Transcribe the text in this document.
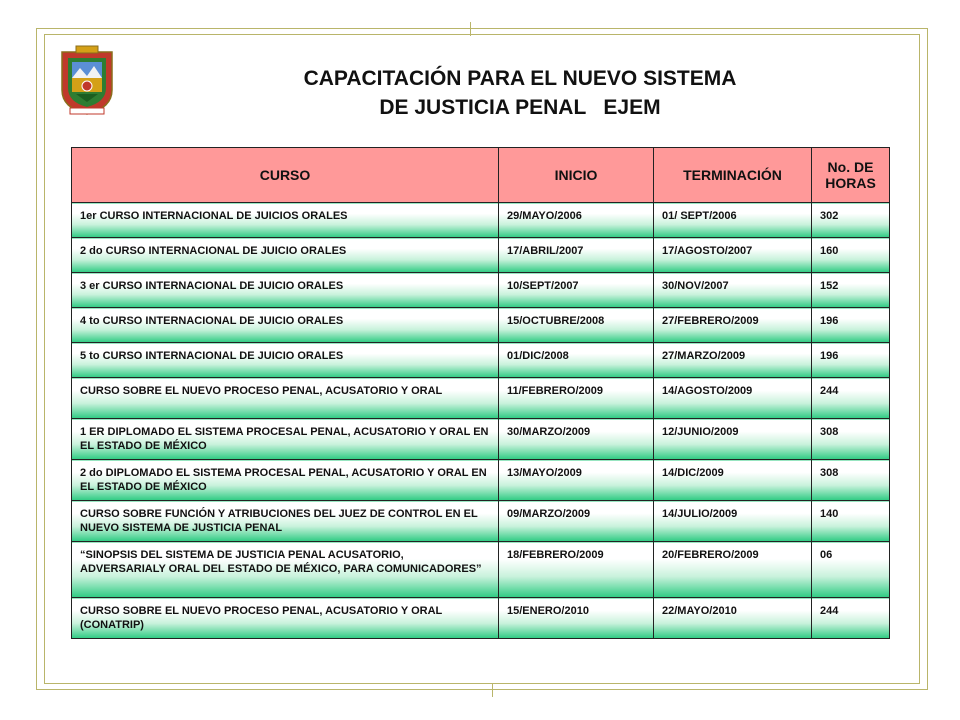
CAPACITACIÓN PARA EL NUEVO SISTEMA
DE JUSTICIA PENAL   EJEM
CURSO	INICIO	TERMINACIÓN	No. DE HORAS
1er CURSO INTERNACIONAL DE JUICIOS ORALES	29/MAYO/2006	01/ SEPT/2006	302
2 do CURSO INTERNACIONAL DE JUICIO ORALES	17/ABRIL/2007	17/AGOSTO/2007	160
3 er CURSO INTERNACIONAL DE JUICIO ORALES	10/SEPT/2007	30/NOV/2007	152
4 to CURSO INTERNACIONAL DE JUICIO ORALES	15/OCTUBRE/2008	27/FEBRERO/2009	196
5 to CURSO INTERNACIONAL DE JUICIO ORALES	01/DIC/2008	27/MARZO/2009	196
CURSO SOBRE EL NUEVO PROCESO PENAL, ACUSATORIO Y ORAL	11/FEBRERO/2009	14/AGOSTO/2009	244
1 ER DIPLOMADO EL SISTEMA PROCESAL PENAL, ACUSATORIO Y ORAL EN EL ESTADO DE MÉXICO	30/MARZO/2009	12/JUNIO/2009	308
2 do DIPLOMADO EL SISTEMA PROCESAL PENAL, ACUSATORIO Y ORAL EN EL ESTADO DE MÉXICO	13/MAYO/2009	14/DIC/2009	308
CURSO SOBRE FUNCIÓN Y ATRIBUCIONES DEL JUEZ DE CONTROL EN EL NUEVO SISTEMA DE JUSTICIA PENAL	09/MARZO/2009	14/JULIO/2009	140
“SINOPSIS DEL SISTEMA DE JUSTICIA PENAL ACUSATORIO, ADVERSARIALY ORAL DEL ESTADO DE MÉXICO, PARA COMUNICADORES”	18/FEBRERO/2009	20/FEBRERO/2009	06
CURSO SOBRE EL NUEVO PROCESO PENAL, ACUSATORIO Y ORAL (CONATRIP)	15/ENERO/2010	22/MAYO/2010	244
